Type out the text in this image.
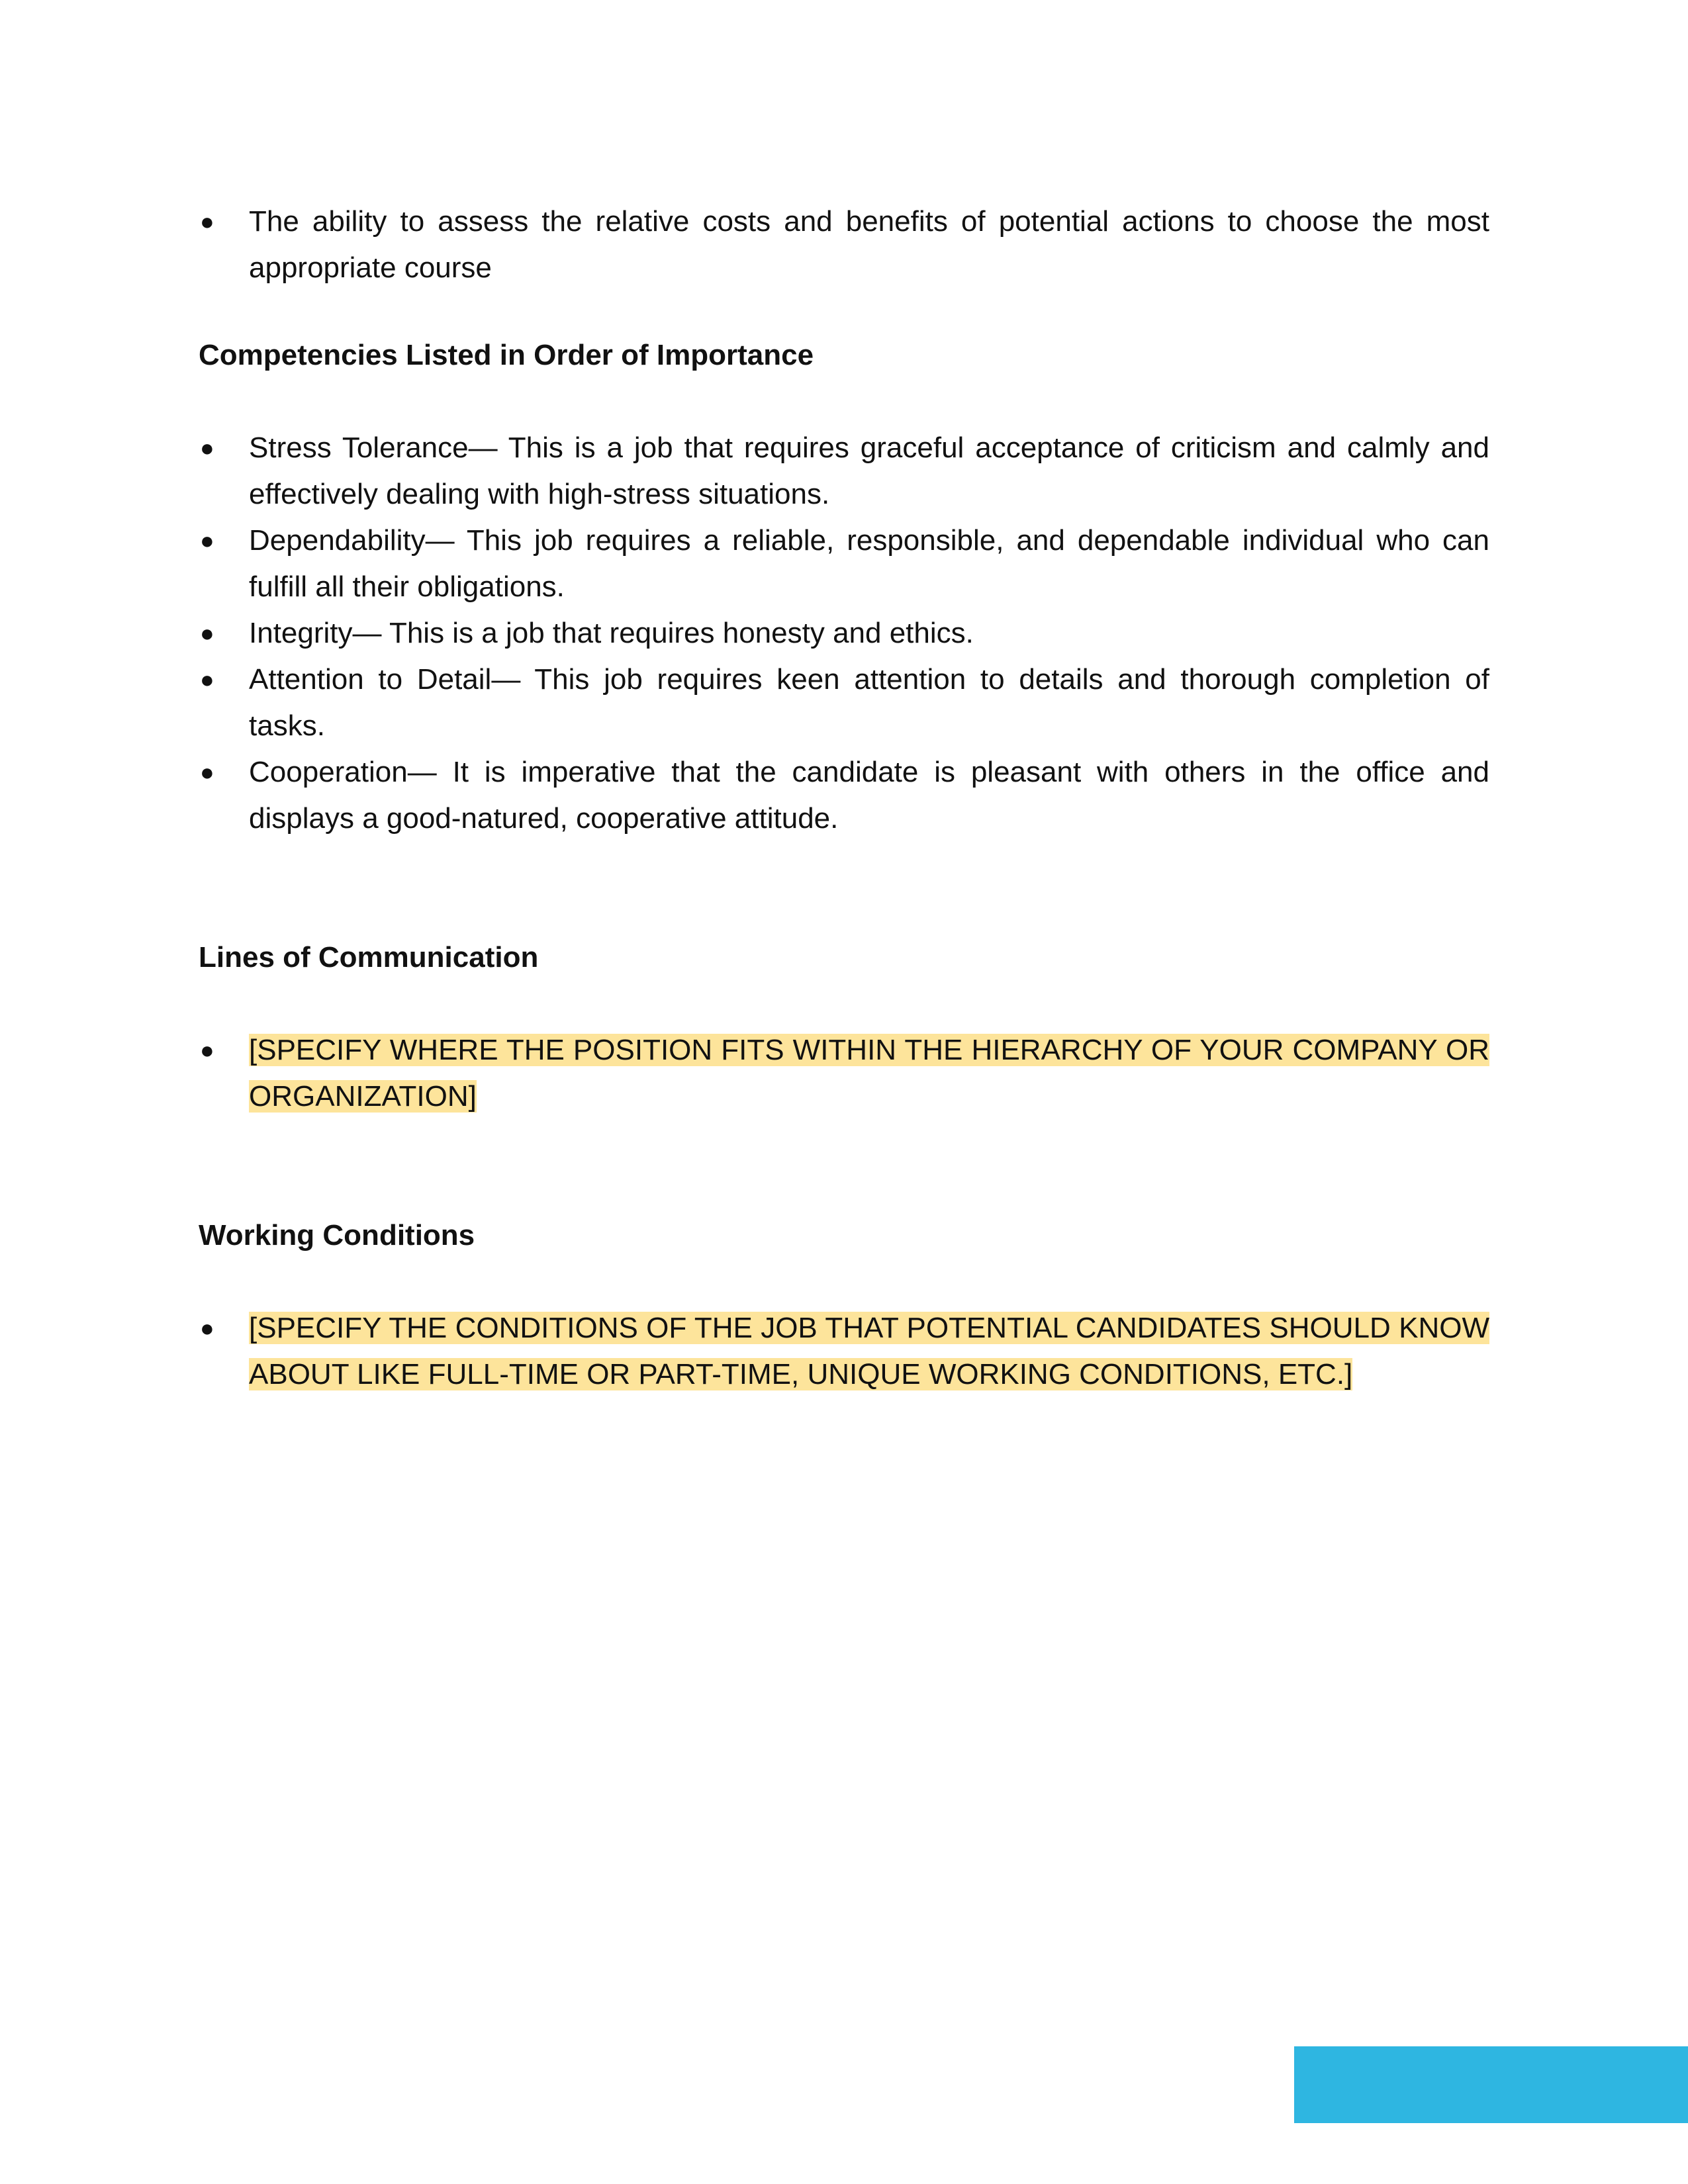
● The ability to assess the relative costs and benefits of potential actions to choose the most appropriate course
Competencies Listed in Order of Importance
● Stress Tolerance— This is a job that requires graceful acceptance of criticism and calmly and effectively dealing with high-stress situations.
● Dependability— This job requires a reliable, responsible, and dependable individual who can fulfill all their obligations.
● Integrity— This is a job that requires honesty and ethics.
● Attention to Detail— This job requires keen attention to details and thorough completion of tasks.
● Cooperation— It is imperative that the candidate is pleasant with others in the office and displays a good-natured, cooperative attitude.
Lines of Communication
● [SPECIFY WHERE THE POSITION FITS WITHIN THE HIERARCHY OF YOUR COMPANY OR ORGANIZATION]
Working Conditions
● [SPECIFY THE CONDITIONS OF THE JOB THAT POTENTIAL CANDIDATES SHOULD KNOW ABOUT LIKE FULL-TIME OR PART-TIME, UNIQUE WORKING CONDITIONS, ETC.]
